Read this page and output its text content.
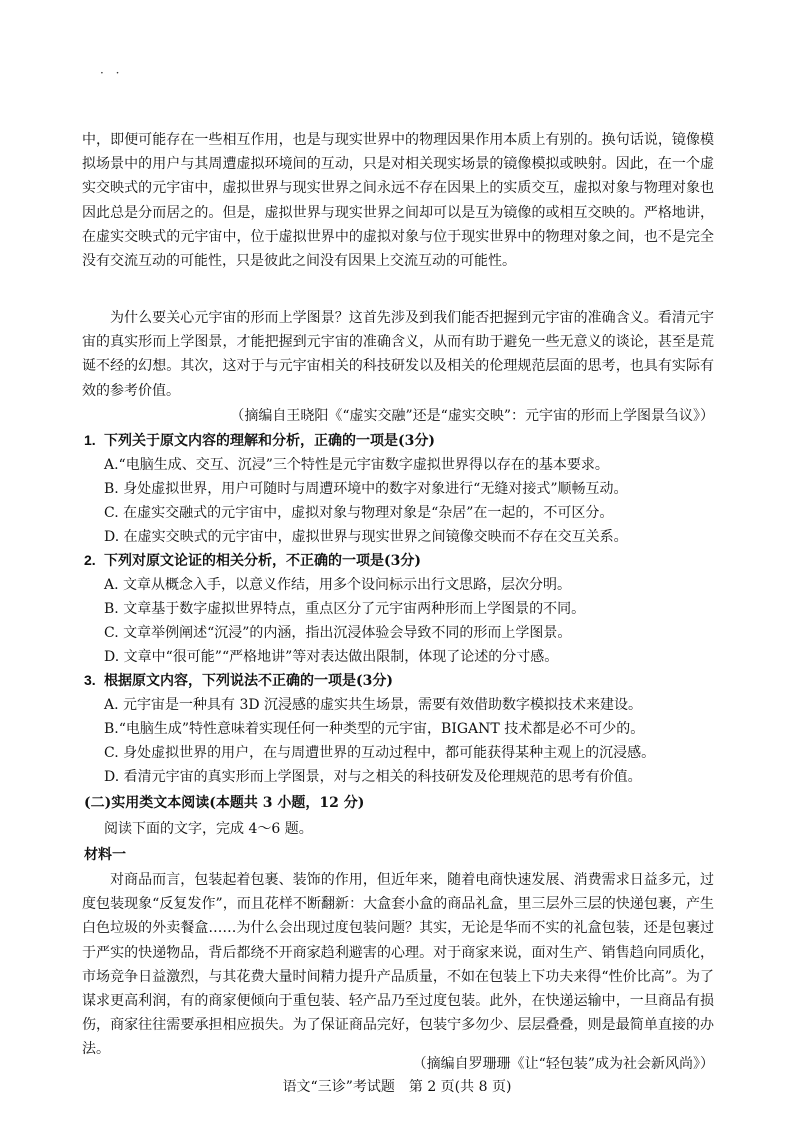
· ·

中，即便可能存在一些相互作用，也是与现实世界中的物理因果作用本质上有别的。换句话说，镜像模拟场景中的用户与其周遭虚拟环境间的互动，只是对相关现实场景的镜像模拟或映射。因此，在一个虚实交映式的元宇宙中，虚拟世界与现实世界之间永远不存在因果上的实质交互，虚拟对象与物理对象也因此总是分而居之的。但是，虚拟世界与现实世界之间却可以是互为镜像的或相互交映的。严格地讲，在虚实交映式的元宇宙中，位于虚拟世界中的虚拟对象与位于现实世界中的物理对象之间，也不是完全没有交流互动的可能性，只是彼此之间没有因果上交流互动的可能性。

为什么要关心元宇宙的形而上学图景？这首先涉及到我们能否把握到元宇宙的准确含义。看清元宇宙的真实形而上学图景，才能把握到元宇宙的准确含义，从而有助于避免一些无意义的谈论，甚至是荒诞不经的幻想。其次，这对于与元宇宙相关的科技研发以及相关的伦理规范层面的思考，也具有实际有效的参考价值。

（摘编自王晓阳《“虚实交融”还是“虚实交映”：元宇宙的形而上学图景刍议》）

1. 下列关于原文内容的理解和分析，正确的一项是(3分)

A.“电脑生成、交互、沉浸”三个特性是元宇宙数字虚拟世界得以存在的基本要求。

B. 身处虚拟世界，用户可随时与周遭环境中的数字对象进行“无缝对接式”顺畅互动。

C. 在虚实交融式的元宇宙中，虚拟对象与物理对象是“杂居”在一起的，不可区分。

D. 在虚实交映式的元宇宙中，虚拟世界与现实世界之间镜像交映而不存在交互关系。

2. 下列对原文论证的相关分析，不正确的一项是(3分)

A. 文章从概念入手，以意义作结，用多个设问标示出行文思路，层次分明。

B. 文章基于数字虚拟世界特点，重点区分了元宇宙两种形而上学图景的不同。

C. 文章举例阐述“沉浸”的内涵，指出沉浸体验会导致不同的形而上学图景。

D. 文章中“很可能”“严格地讲”等对表达做出限制，体现了论述的分寸感。

3. 根据原文内容，下列说法不正确的一项是(3分)

A. 元宇宙是一种具有 3D 沉浸感的虚实共生场景，需要有效借助数字模拟技术来建设。

B.“电脑生成”特性意味着实现任何一种类型的元宇宙，BIGANT 技术都是必不可少的。

C. 身处虚拟世界的用户，在与周遭世界的互动过程中，都可能获得某种主观上的沉浸感。

D. 看清元宇宙的真实形而上学图景，对与之相关的科技研发及伦理规范的思考有价值。

(二)实用类文本阅读(本题共 3 小题，12 分)

阅读下面的文字，完成 4～6 题。

材料一

对商品而言，包装起着包裹、装饰的作用，但近年来，随着电商快速发展、消费需求日益多元，过度包装现象“反复发作”，而且花样不断翻新：大盒套小盒的商品礼盒，里三层外三层的快递包裹，产生白色垃圾的外卖餐盒……为什么会出现过度包装问题？其实，无论是华而不实的礼盒包装，还是包裹过于严实的快递物品，背后都绕不开商家趋利避害的心理。对于商家来说，面对生产、销售趋向同质化，市场竞争日益激烈，与其花费大量时间精力提升产品质量，不如在包装上下功夫来得“性价比高”。为了谋求更高利润，有的商家便倾向于重包装、轻产品乃至过度包装。此外，在快递运输中，一旦商品有损伤，商家往往需要承担相应损失。为了保证商品完好，包装宁多勿少、层层叠叠，则是最简单直接的办法。

（摘编自罗珊珊《让“轻包装”成为社会新风尚》）

语文“三诊”考试题　第 2 页(共 8 页)
